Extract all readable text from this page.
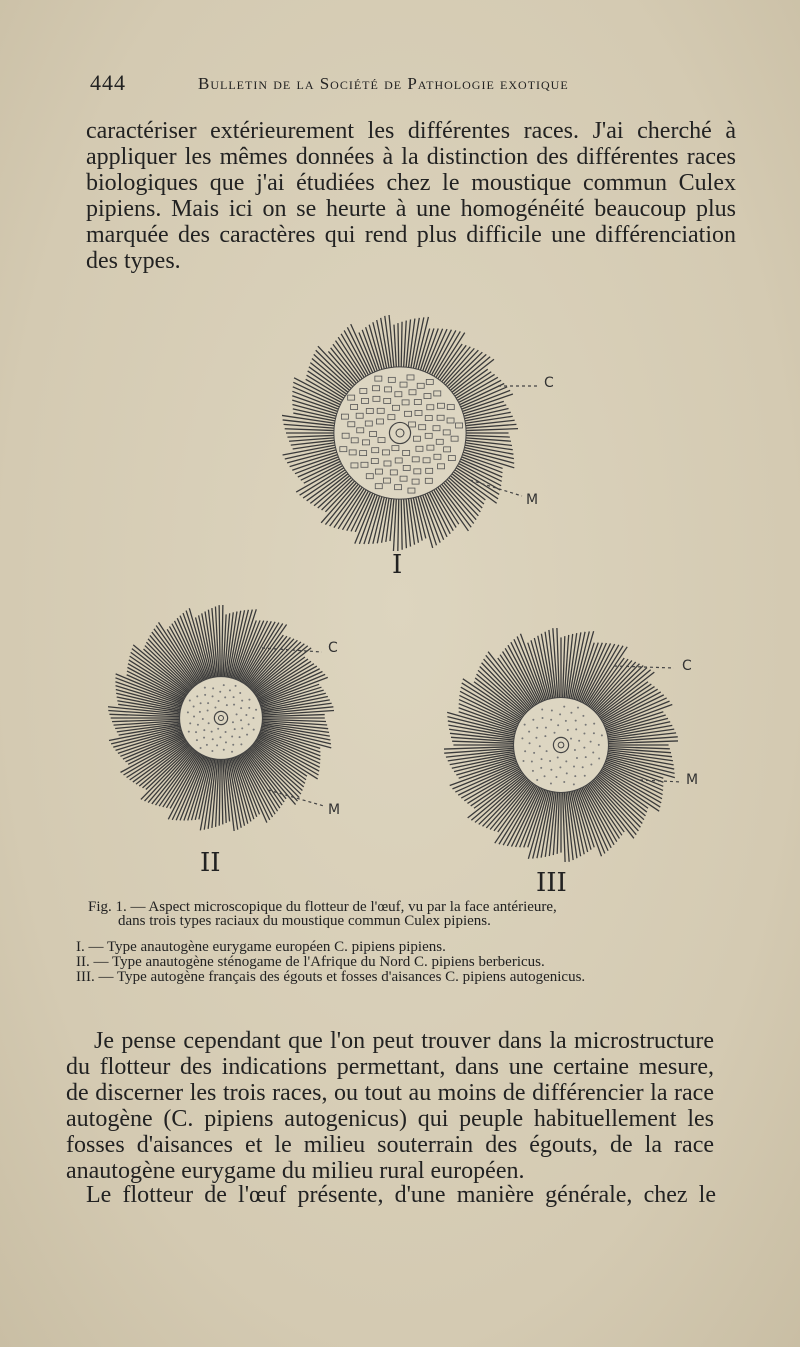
444	Bulletin de la Société de Pathologie exotique
caractériser extérieurement les différentes races. J'ai cherché à
appliquer les mêmes données à la distinction des différentes races
biologiques que j'ai étudiées chez le moustique commun Culex
pipiens. Mais ici on se heurte à une homogénéité beaucoup plus
marquée des caractères qui rend plus difficile une différenciation
des types.
C
M
C
M
C
M
I
II
III
Fig. 1. — Aspect microscopique du flotteur de l'œuf, vu par la face antérieure,
dans trois types raciaux du moustique commun Culex pipiens.
I. — Type anautogène eurygame européen C. pipiens pipiens.
II. — Type anautogène sténogame de l'Afrique du Nord C. pipiens berbericus.
III. — Type autogène français des égouts et fosses d'aisances C. pipiens autogenicus.
Je pense cependant que l'on peut trouver dans la microstructure
du flotteur des indications permettant, dans une certaine mesure,
de discerner les trois races, ou tout au moins de différencier la race
autogène (C. pipiens autogenicus) qui peuple habituellement les
fosses d'aisances et le milieu souterrain des égouts, de la race
anautogène eurygame du milieu rural européen.
Le flotteur de l'œuf présente, d'une manière générale, chez le
